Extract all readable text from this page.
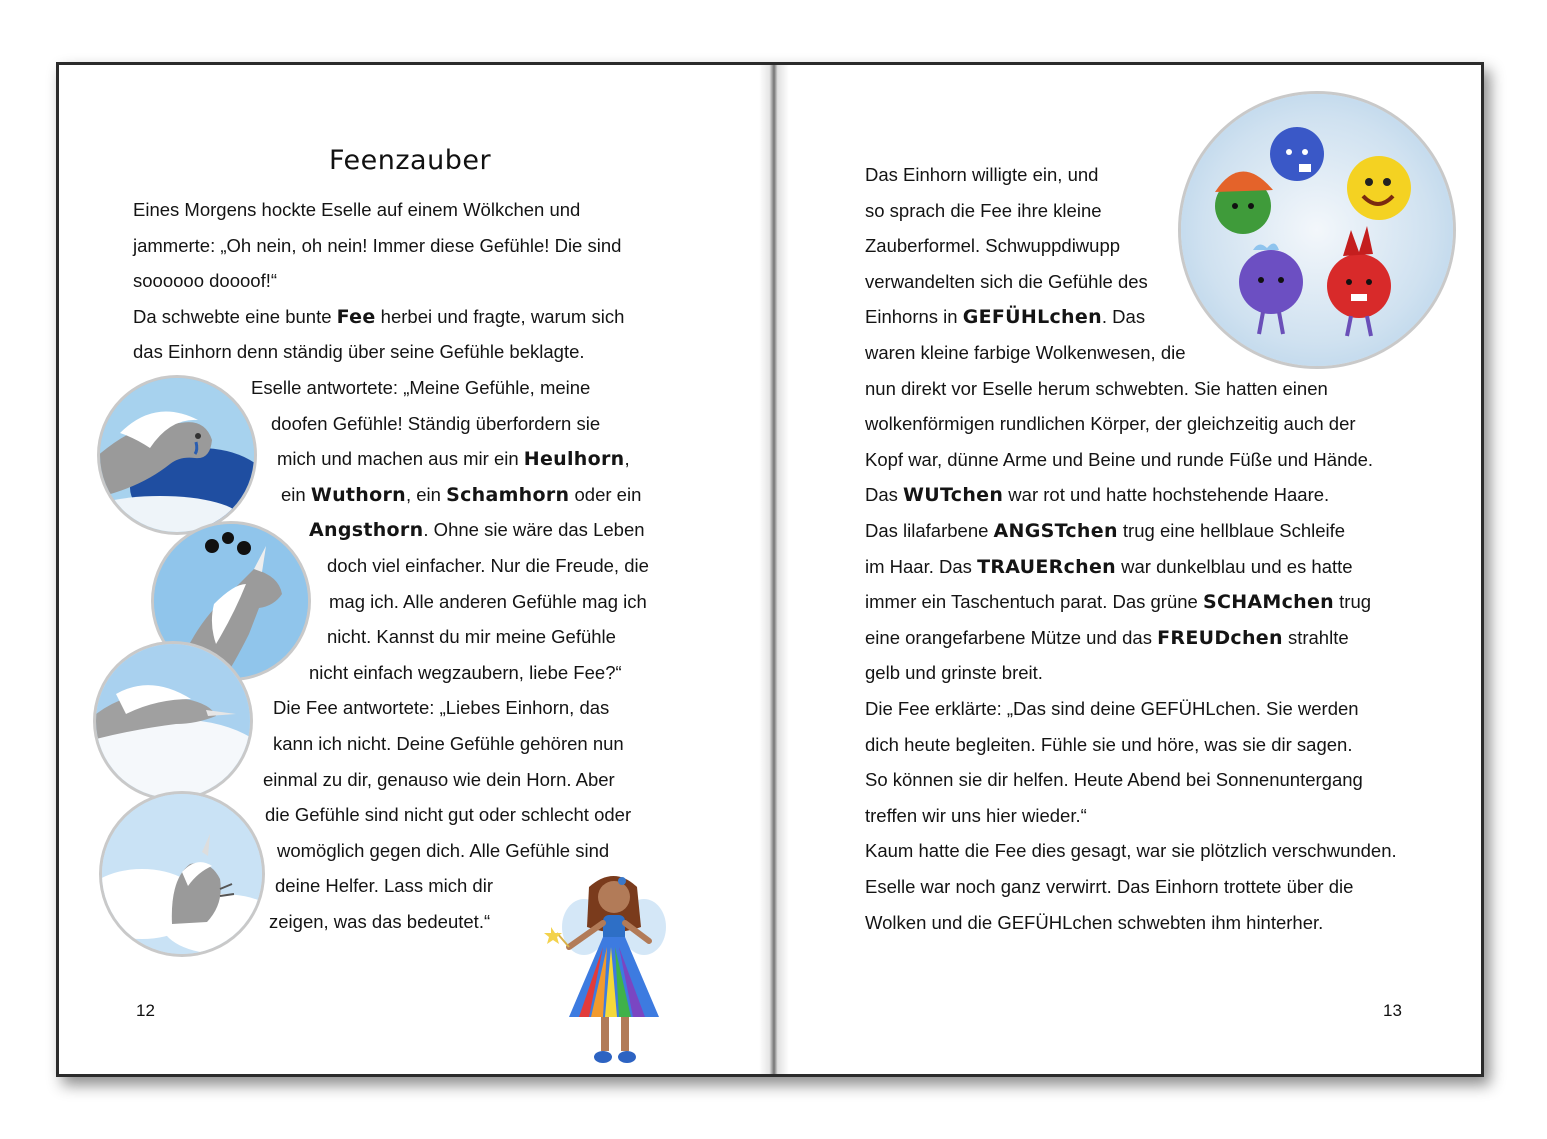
Feenzauber
Eines Morgens hockte Eselle auf einem Wölkchen und
jammerte: „Oh nein, oh nein! Immer diese Gefühle! Die sind
soooooo doooof!“
Da schwebte eine bunte Fee herbei und fragte, warum sich
das Einhorn denn ständig über seine Gefühle beklagte.
Eselle antwortete: „Meine Gefühle, meine
doofen Gefühle! Ständig überfordern sie
mich und machen aus mir ein Heulhorn,
ein Wuthorn, ein Schamhorn oder ein
Angsthorn. Ohne sie wäre das Leben
doch viel einfacher. Nur die Freude, die
mag ich. Alle anderen Gefühle mag ich
nicht. Kannst du mir meine Gefühle
nicht einfach wegzaubern, liebe Fee?“
Die Fee antwortete: „Liebes Einhorn, das
kann ich nicht. Deine Gefühle gehören nun
einmal zu dir, genauso wie dein Horn. Aber
die Gefühle sind nicht gut oder schlecht oder
womöglich gegen dich. Alle Gefühle sind
deine Helfer. Lass mich dir
zeigen, was das bedeutet.“
12
Das Einhorn willigte ein, und
so sprach die Fee ihre kleine
Zauberformel. Schwuppdiwupp
verwandelten sich die Gefühle des
Einhorns in GEFÜHLchen. Das
waren kleine farbige Wolkenwesen, die
nun direkt vor Eselle herum schwebten. Sie hatten einen
wolkenförmigen rundlichen Körper, der gleichzeitig auch der
Kopf war, dünne Arme und Beine und runde Füße und Hände.
Das WUTchen war rot und hatte hochstehende Haare.
Das lilafarbene ANGSTchen trug eine hellblaue Schleife
im Haar. Das TRAUERchen war dunkelblau und es hatte
immer ein Taschentuch parat. Das grüne SCHAMchen trug
eine orangefarbene Mütze und das FREUDchen strahlte
gelb und grinste breit.
Die Fee erklärte: „Das sind deine GEFÜHLchen. Sie werden
dich heute begleiten. Fühle sie und höre, was sie dir sagen.
So können sie dir helfen. Heute Abend bei Sonnenuntergang
treffen wir uns hier wieder.“
Kaum hatte die Fee dies gesagt, war sie plötzlich verschwunden.
Eselle war noch ganz verwirrt. Das Einhorn trottete über die
Wolken und die GEFÜHLchen schwebten ihm hinterher.
13
